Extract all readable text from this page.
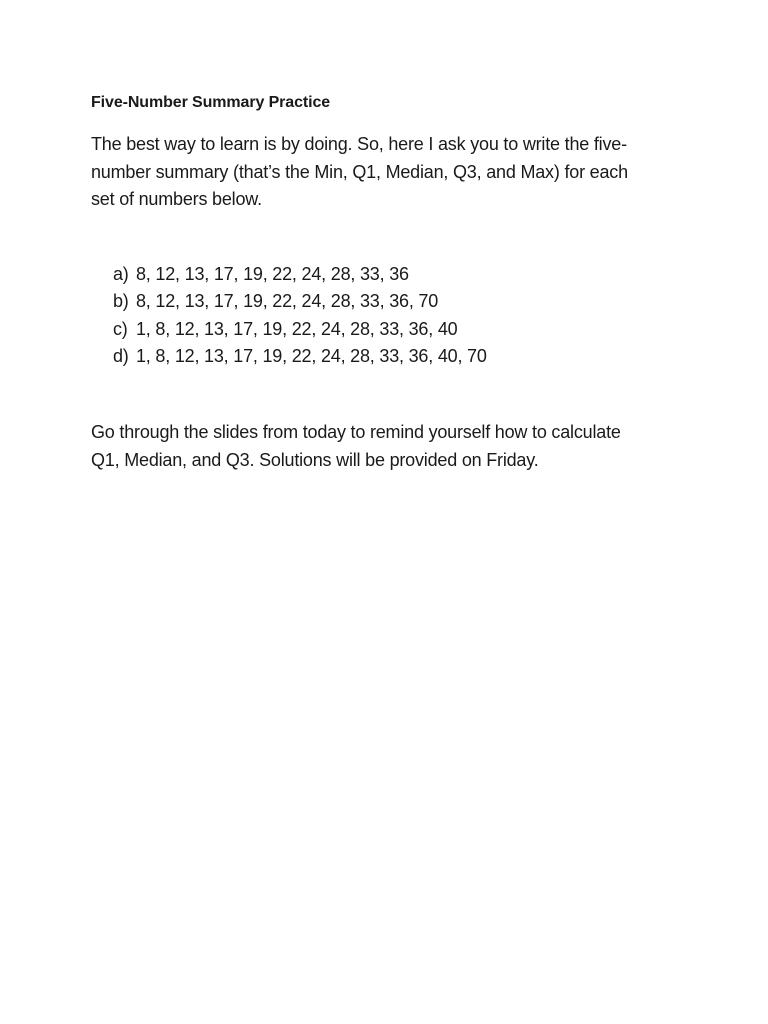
Five-Number Summary Practice

The best way to learn is by doing. So, here I ask you to write the five-
number summary (that’s the Min, Q1, Median, Q3, and Max) for each
set of numbers below.

a) 8, 12, 13, 17, 19, 22, 24, 28, 33, 36
b) 8, 12, 13, 17, 19, 22, 24, 28, 33, 36, 70
c) 1, 8, 12, 13, 17, 19, 22, 24, 28, 33, 36, 40
d) 1, 8, 12, 13, 17, 19, 22, 24, 28, 33, 36, 40, 70

Go through the slides from today to remind yourself how to calculate
Q1, Median, and Q3. Solutions will be provided on Friday.
